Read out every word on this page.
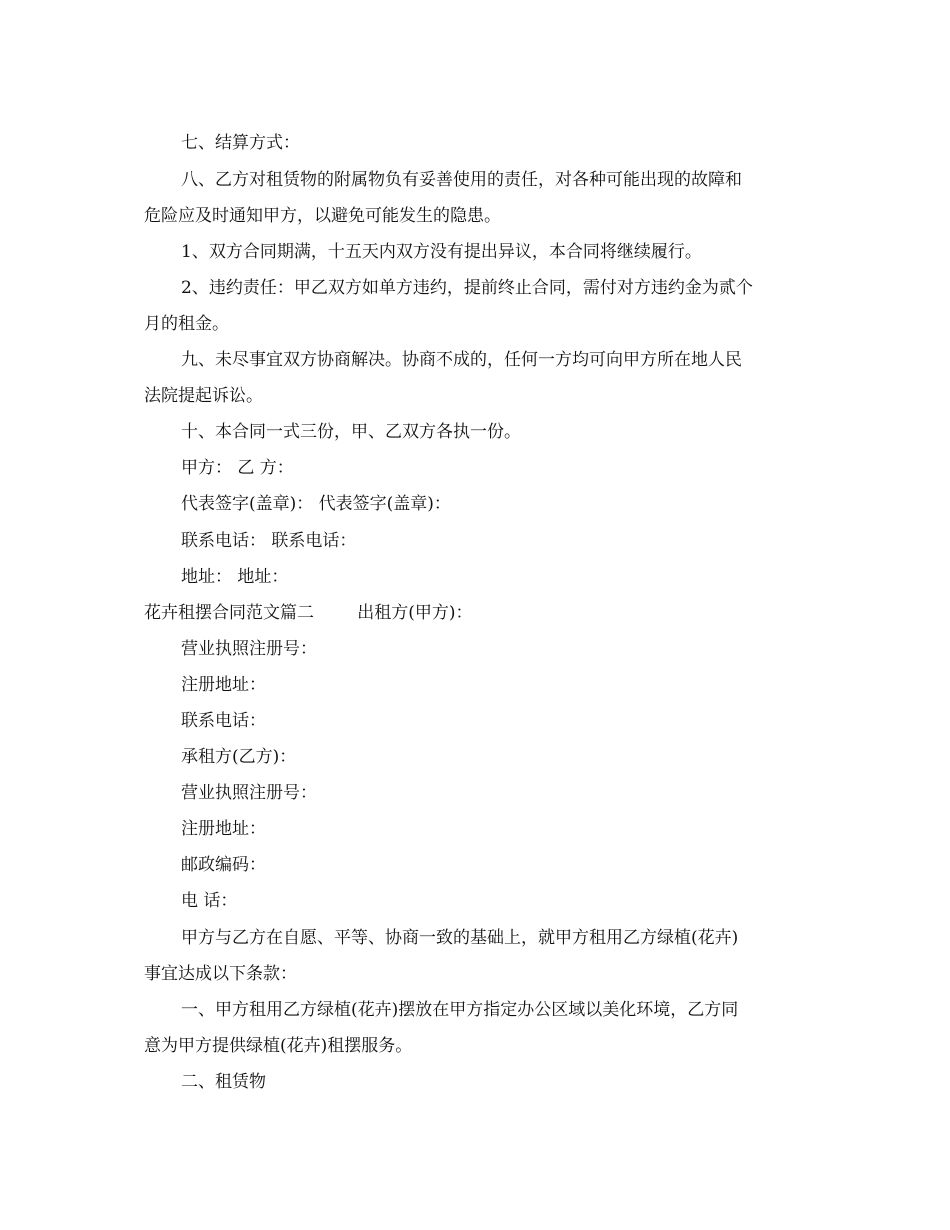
七、结算方式：
八、乙方对租赁物的附属物负有妥善使用的责任，对各种可能出现的故障和
危险应及时通知甲方，以避免可能发生的隐患。
1、双方合同期满，十五天内双方没有提出异议，本合同将继续履行。
2、违约责任：甲乙双方如单方违约，提前终止合同，需付对方违约金为贰个
月的租金。
九、未尽事宜双方协商解决。协商不成的，任何一方均可向甲方所在地人民
法院提起诉讼。
十、本合同一式三份，甲、乙双方各执一份。
甲方： 乙 方：
代表签字(盖章)： 代表签字(盖章)：
联系电话： 联系电话：
地址： 地址：
花卉租摆合同范文篇二        出租方(甲方)：
营业执照注册号：
注册地址：
联系电话：
承租方(乙方)：
营业执照注册号：
注册地址：
邮政编码：
电 话：
甲方与乙方在自愿、平等、协商一致的基础上，就甲方租用乙方绿植(花卉)
事宜达成以下条款：
一、甲方租用乙方绿植(花卉)摆放在甲方指定办公区域以美化环境，乙方同
意为甲方提供绿植(花卉)租摆服务。
二、租赁物
